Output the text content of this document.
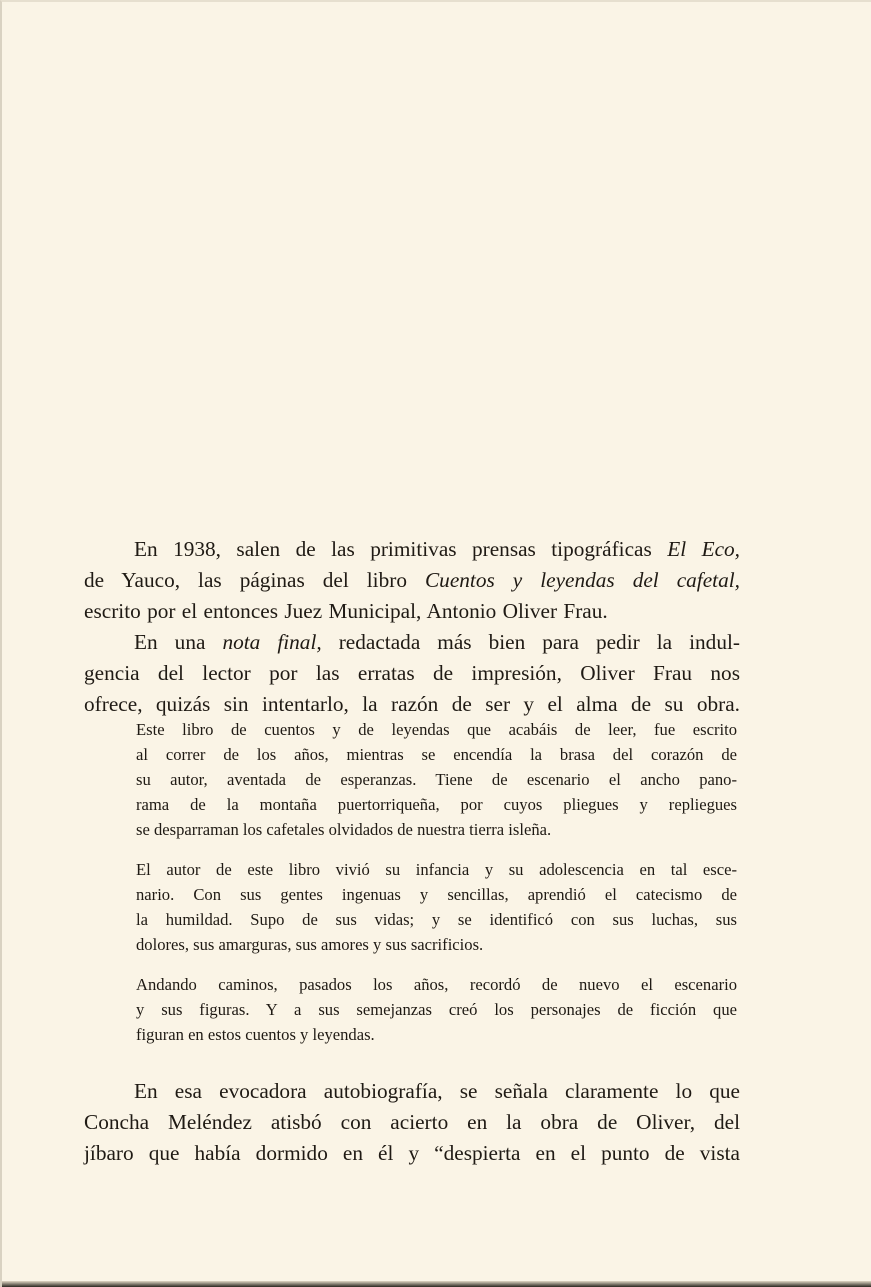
En 1938, salen de las primitivas prensas tipográficas El Eco,
de Yauco, las páginas del libro Cuentos y leyendas del cafetal,
escrito por el entonces Juez Municipal, Antonio Oliver Frau.

En una nota final, redactada más bien para pedir la indul-
gencia del lector por las erratas de impresión, Oliver Frau nos
ofrece, quizás sin intentarlo, la razón de ser y el alma de su obra.

Este libro de cuentos y de leyendas que acabáis de leer, fue escrito
al correr de los años, mientras se encendía la brasa del corazón de
su autor, aventada de esperanzas. Tiene de escenario el ancho pano-
rama de la montaña puertorriqueña, por cuyos pliegues y repliegues
se desparraman los cafetales olvidados de nuestra tierra isleña.
El autor de este libro vivió su infancia y su adolescencia en tal esce-
nario. Con sus gentes ingenuas y sencillas, aprendió el catecismo de
la humildad. Supo de sus vidas; y se identificó con sus luchas, sus
dolores, sus amarguras, sus amores y sus sacrificios.
Andando caminos, pasados los años, recordó de nuevo el escenario
y sus figuras. Y a sus semejanzas creó los personajes de ficción que
figuran en estos cuentos y leyendas.
En esa evocadora autobiografía, se señala claramente lo que
Concha Meléndez atisbó con acierto en la obra de Oliver, del
jíbaro que había dormido en él y “despierta en el punto de vista
